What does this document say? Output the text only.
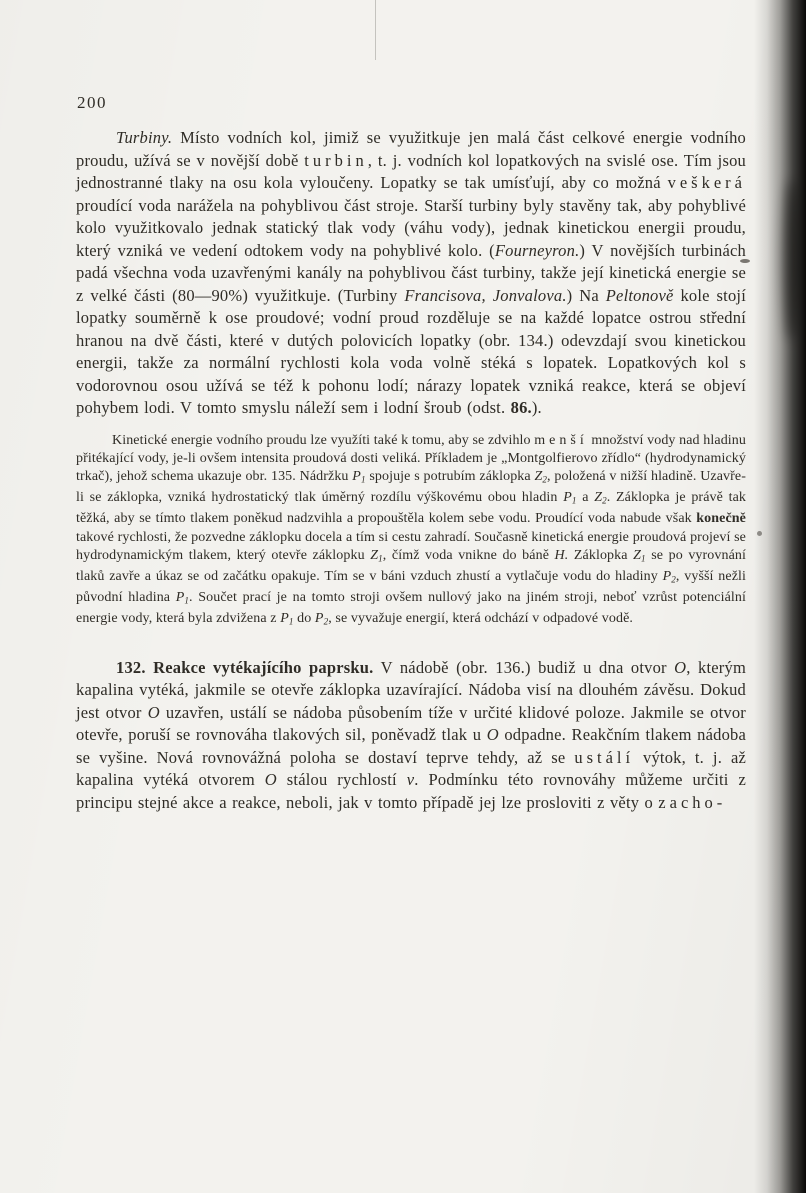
200

Turbiny. Místo vodních kol, jimiž se využitkuje jen malá část celkové energie vodního proudu, užívá se v novější době turbin, t. j. vodních kol lopatkových na svislé ose. Tím jsou jednostranné tlaky na osu kola vyloučeny. Lopatky se tak umísťují, aby co možná veškerá proudící voda narážela na pohyblivou část stroje. Starší turbiny byly stavěny tak, aby pohyblivé kolo využitkovalo jednak statický tlak vody (váhu vody), jednak kinetickou energii proudu, který vzniká ve vedení odtokem vody na pohyblivé kolo. (Fourneyron.) V novějších turbinách padá všechna voda uzavřenými kanály na pohyblivou část turbiny, takže její kinetická energie se z velké části (80—90%) využitkuje. (Turbiny Francisova, Jonvalova.) Na Peltonově kole stojí lopatky souměrně k ose proudové; vodní proud rozděluje se na každé lopatce ostrou střední hranou na dvě části, které v dutých polovicích lopatky (obr. 134.) odevzdají svou kinetickou energii, takže za normální rychlosti kola voda volně stéká s lopatek. Lopatkových kol s vodorovnou osou užívá se též k pohonu lodí; nárazy lopatek vzniká reakce, která se objeví pohybem lodi. V tomto smyslu náleží sem i lodní šroub (odst. 86.).

Kinetické energie vodního proudu lze využíti také k tomu, aby se zdvihlo menší množství vody nad hladinu přitékající vody, je-li ovšem intensita proudová dosti veliká. Příkladem je „Montgolfierovo zřídlo“ (hydrodynamický trkač), jehož schema ukazuje obr. 135. Nádržku P1 spojuje s potrubím záklopka Z2, položená v nižší hladině. Uzavře-li se záklopka, vzniká hydrostatický tlak úměrný rozdílu výškovému obou hladin P1 a Z2. Záklopka je právě tak těžká, aby se tímto tlakem poněkud nadzvihla a propouštěla kolem sebe vodu. Proudící voda nabude však konečně takové rychlosti, že pozvedne záklopku docela a tím si cestu zahradí. Současně kinetická energie proudová projeví se hydrodynamickým tlakem, který otevře záklopku Z1, čímž voda vnikne do báně H. Záklopka Z1 se po vyrovnání tlaků zavře a úkaz se od začátku opakuje. Tím se v báni vzduch zhustí a vytlačuje vodu do hladiny P2, vyšší nežli původní hladina P1. Součet prací je na tomto stroji ovšem nullový jako na jiném stroji, neboť vzrůst potenciální energie vody, která byla zdvižena z P1 do P2, se vyvažuje energií, která odchází v odpadové vodě.

132. Reakce vytékajícího paprsku. V nádobě (obr. 136.) budiž u dna otvor O, kterým kapalina vytéká, jakmile se otevře záklopka uzavírající. Nádoba visí na dlouhém závěsu. Dokud jest otvor O uzavřen, ustálí se nádoba působením tíže v určité klidové poloze. Jakmile se otvor otevře, poruší se rovnováha tlakových sil, poněvadž tlak u O odpadne. Reakčním tlakem nádoba se vyšine. Nová rovnovážná poloha se dostaví teprve tehdy, až se ustálí výtok, t. j. až kapalina vytéká otvorem O stálou rychlostí v. Podmínku této rovnováhy můžeme určiti z principu stejné akce a reakce, neboli, jak v tomto případě jej lze prosloviti z věty o zacho-
